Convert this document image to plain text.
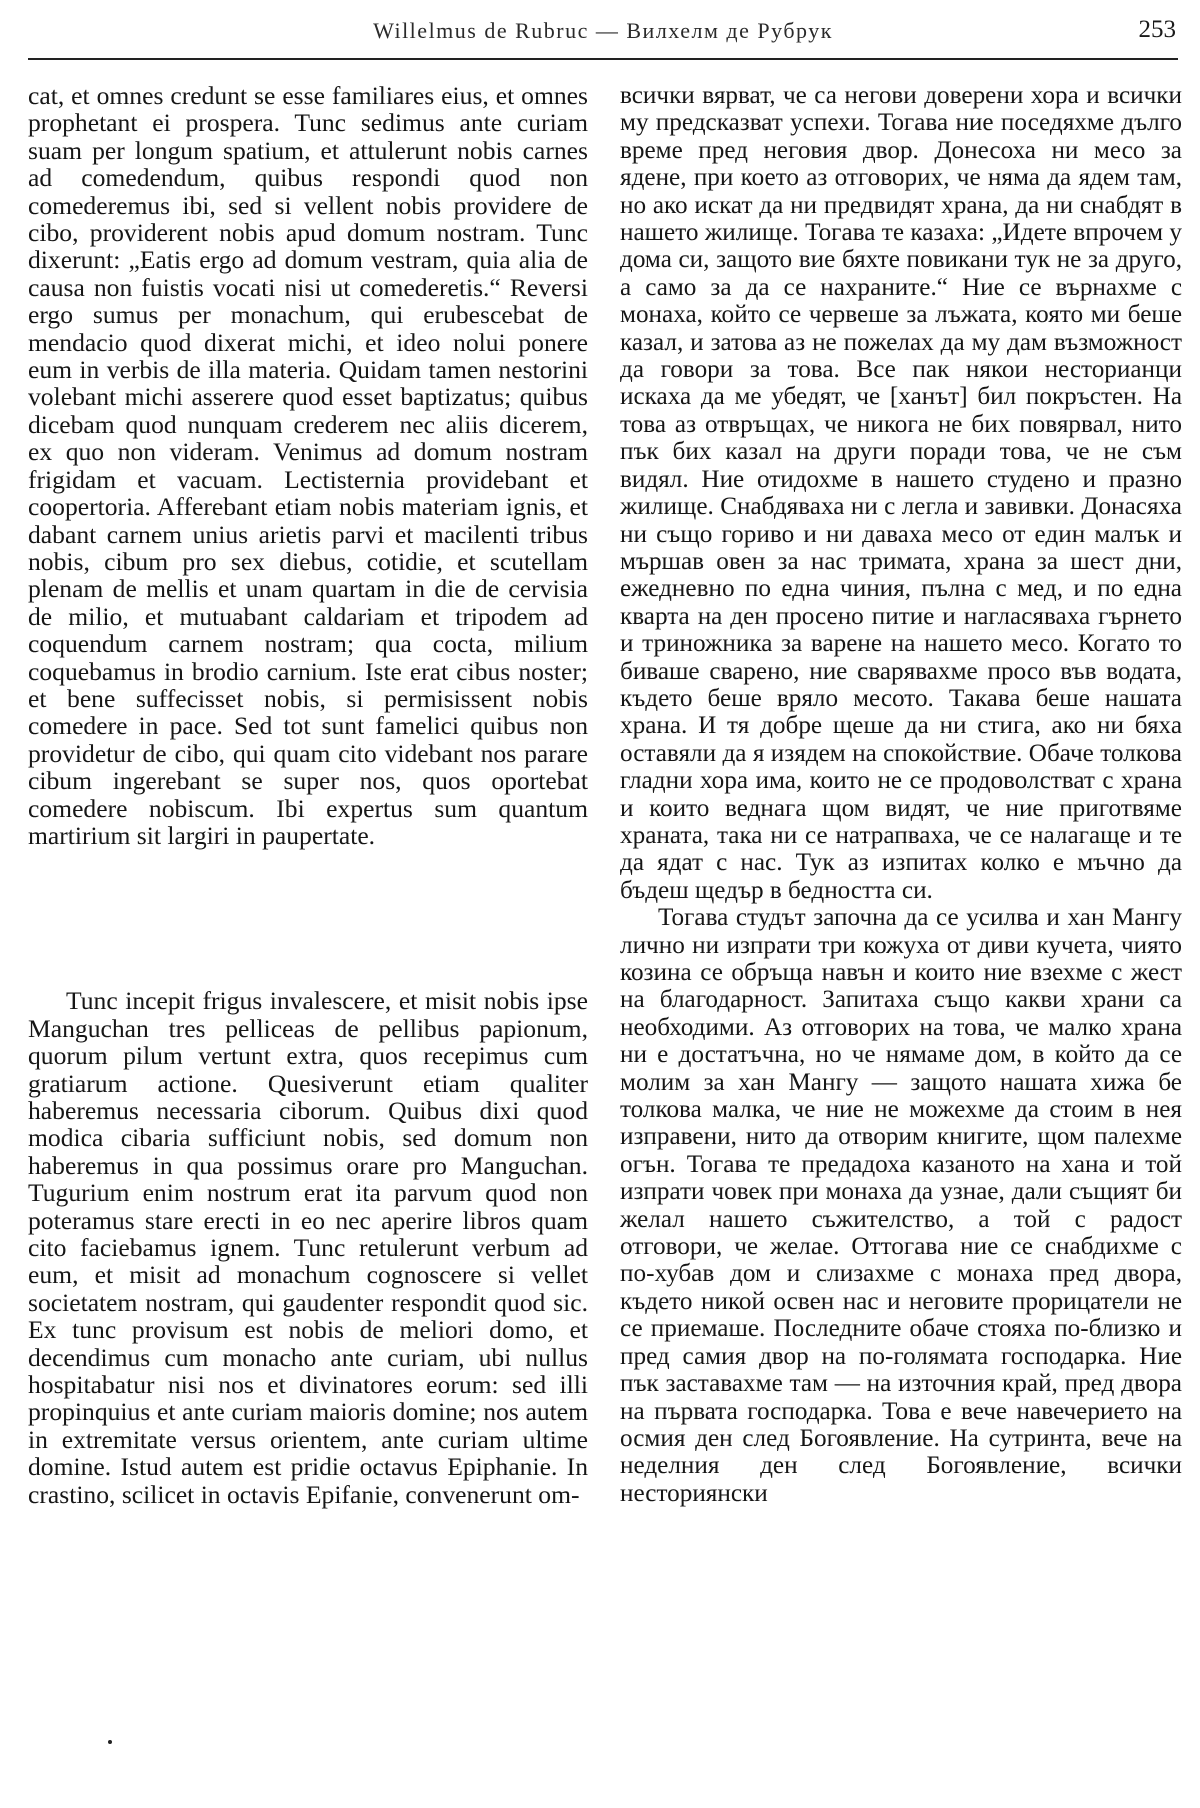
Willelmus de Rubruc — Вилхелм де Рубрук	253

cat, et omnes credunt se esse familiares eius, et omnes prophetant ei prospera. Tunc sedimus ante curiam suam per longum spatium, et attulerunt nobis carnes ad comedendum, quibus respondi quod non comederemus ibi, sed si vellent nobis providere de cibo, providerent nobis apud domum nostram. Tunc dixerunt: „Eatis ergo ad domum vestram, quia alia de causa non fuistis vocati nisi ut comederetis.“ Reversi ergo sumus per monachum, qui erubescebat de mendacio quod dixerat michi, et ideo nolui ponere eum in verbis de illa materia. Quidam tamen nestorini volebant michi asserere quod esset baptizatus; quibus dicebam quod nunquam crederem nec aliis dicerem, ex quo non videram. Venimus ad domum nostram frigidam et vacuam. Lectisternia providebant et coopertoria. Afferebant etiam nobis materiam ignis, et dabant carnem unius arietis parvi et macilenti tribus nobis, cibum pro sex diebus, cotidie, et scutellam plenam de mellis et unam quartam in die de cervisia de milio, et mutuabant caldariam et tripodem ad coquendum carnem nostram; qua cocta, milium coquebamus in brodio carnium. Iste erat cibus noster; et bene suffecisset nobis, si permisissent nobis comedere in pace. Sed tot sunt famelici quibus non providetur de cibo, qui quam cito videbant nos parare cibum ingerebant se super nos, quos oportebat comedere nobiscum. Ibi expertus sum quantum martirium sit largiri in paupertate.

Tunc incepit frigus invalescere, et misit nobis ipse Manguchan tres pelliceas de pellibus papionum, quorum pilum vertunt extra, quos recepimus cum gratiarum actione. Quesiverunt etiam qualiter haberemus necessaria ciborum. Quibus dixi quod modica cibaria sufficiunt nobis, sed domum non haberemus in qua possimus orare pro Manguchan. Tugurium enim nostrum erat ita parvum quod non poteramus stare erecti in eo nec aperire libros quam cito faciebamus ignem. Tunc retulerunt verbum ad eum, et misit ad monachum cognoscere si vellet societatem nostram, qui gaudenter respondit quod sic. Ex tunc provisum est nobis de meliori domo, et decendimus cum monacho ante curiam, ubi nullus hospitabatur nisi nos et divinatores eorum: sed illi propinquius et ante curiam maioris domine; nos autem in extremitate versus orientem, ante curiam ultime domine. Istud autem est pridie octavus Epiphanie. In crastino, scilicet in octavis Epifanie, convenerunt om-

всички вярват, че са негови доверени хора и всички му предсказват успехи. Тогава ние поседяхме дълго време пред неговия двор. Донесоха ни месо за ядене, при което аз отговорих, че няма да ядем там, но ако искат да ни предвидят храна, да ни снабдят в нашето жилище. Тогава те казаха: „Идете впрочем у дома си, защото вие бяхте повикани тук не за друго, а само за да се нахраните.“ Ние се върнахме с монаха, който се червеше за лъжата, която ми беше казал, и затова аз не пожелах да му дам възможност да говори за това. Все пак някои несторианци искаха да ме убедят, че [ханът] бил покръстен. На това аз отвръщах, че никога не бих повярвал, нито пък бих казал на други поради това, че не съм видял. Ние отидохме в нашето студено и празно жилище. Снабдяваха ни с легла и завивки. Донасяха ни също гориво и ни даваха месо от един малък и мършав овен за нас тримата, храна за шест дни, ежедневно по една чиния, пълна с мед, и по една кварта на ден просено питие и нагласяваха гърнето и триножника за варене на нашето месо. Когато то биваше сварено, ние сварявахме просо във водата, където беше вряло месото. Такава беше нашата храна. И тя добре щеше да ни стига, ако ни бяха оставяли да я изядем на спокойствие. Обаче толкова гладни хора има, които не се продоволстват с храна и които веднага щом видят, че ние приготвяме храната, така ни се натрапваха, че се налагаще и те да ядат с нас. Тук аз изпитах колко е мъчно да бъдеш щедър в бедността си.

Тогава студът започна да се усилва и хан Мангу лично ни изпрати три кожуха от диви кучета, чиято козина се обръща навън и които ние взехме с жест на благодарност. Запитаха също какви храни са необходими. Аз отговорих на това, че малко храна ни е достатъчна, но че нямаме дом, в който да се молим за хан Мангу — защото нашата хижа бе толкова малка, че ние не можехме да стоим в нея изправени, нито да отворим книгите, щом палехме огън. Тогава те предадоха казаното на хана и той изпрати човек при монаха да узнае, дали същият би желал нашето съжителство, а той с радост отговори, че желае. Оттогава ние се снабдихме с по-хубав дом и слизахме с монаха пред двора, където никой освен нас и неговите прорицатели не се приемаше. Последните обаче стояха по-близко и пред самия двор на по-голямата господарка. Ние пък заставахме там — на източния край, пред двора на първата господарка. Това е вече навечерието на осмия ден след Богоявление. На сутринта, вече на неделния ден след Богоявление, всички несториянски
